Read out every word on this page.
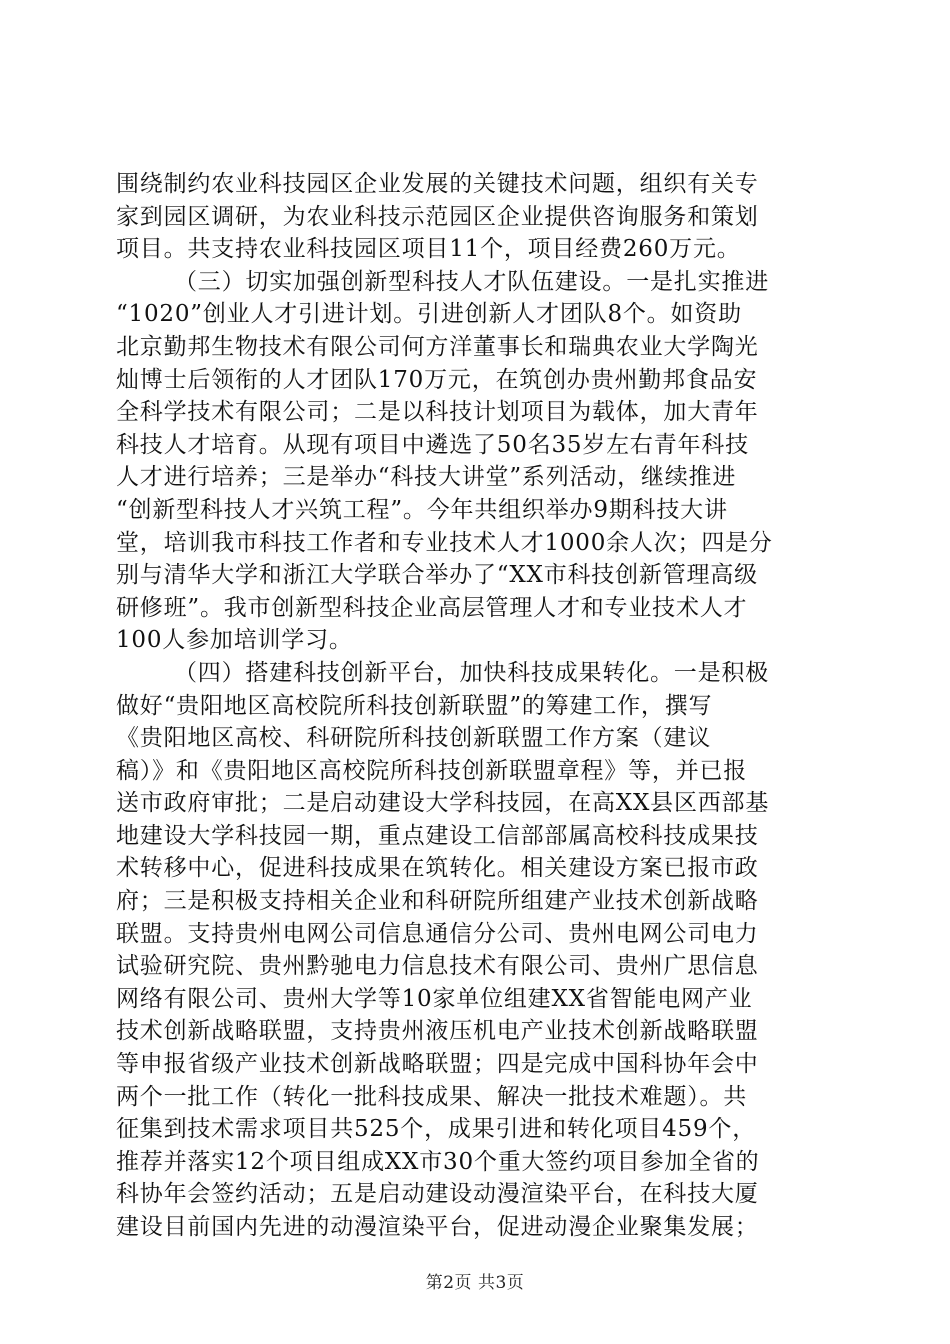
围绕制约农业科技园区企业发展的关键技术问题，组织有关专
家到园区调研，为农业科技示范园区企业提供咨询服务和策划
项目。共支持农业科技园区项目11个，项目经费260万元。
（三）切实加强创新型科技人才队伍建设。一是扎实推进
“1020”创业人才引进计划。引进创新人才团队8个。如资助
北京勤邦生物技术有限公司何方洋董事长和瑞典农业大学陶光
灿博士后领衔的人才团队170万元，在筑创办贵州勤邦食品安
全科学技术有限公司；二是以科技计划项目为载体，加大青年
科技人才培育。从现有项目中遴选了50名35岁左右青年科技
人才进行培养；三是举办“科技大讲堂”系列活动，继续推进
“创新型科技人才兴筑工程”。今年共组织举办9期科技大讲
堂，培训我市科技工作者和专业技术人才1000余人次；四是分
别与清华大学和浙江大学联合举办了“XX市科技创新管理高级
研修班”。我市创新型科技企业高层管理人才和专业技术人才
100人参加培训学习。
（四）搭建科技创新平台，加快科技成果转化。一是积极
做好“贵阳地区高校院所科技创新联盟”的筹建工作，撰写
《贵阳地区高校、科研院所科技创新联盟工作方案（建议
稿）》和《贵阳地区高校院所科技创新联盟章程》等，并已报
送市政府审批；二是启动建设大学科技园，在高XX县区西部基
地建设大学科技园一期，重点建设工信部部属高校科技成果技
术转移中心，促进科技成果在筑转化。相关建设方案已报市政
府；三是积极支持相关企业和科研院所组建产业技术创新战略
联盟。支持贵州电网公司信息通信分公司、贵州电网公司电力
试验研究院、贵州黔驰电力信息技术有限公司、贵州广思信息
网络有限公司、贵州大学等10家单位组建XX省智能电网产业
技术创新战略联盟，支持贵州液压机电产业技术创新战略联盟
等申报省级产业技术创新战略联盟；四是完成中国科协年会中
两个一批工作（转化一批科技成果、解决一批技术难题）。共
征集到技术需求项目共525个，成果引进和转化项目459个，
推荐并落实12个项目组成XX市30个重大签约项目参加全省的
科协年会签约活动；五是启动建设动漫渲染平台，在科技大厦
建设目前国内先进的动漫渲染平台，促进动漫企业聚集发展；
第2页 共3页
